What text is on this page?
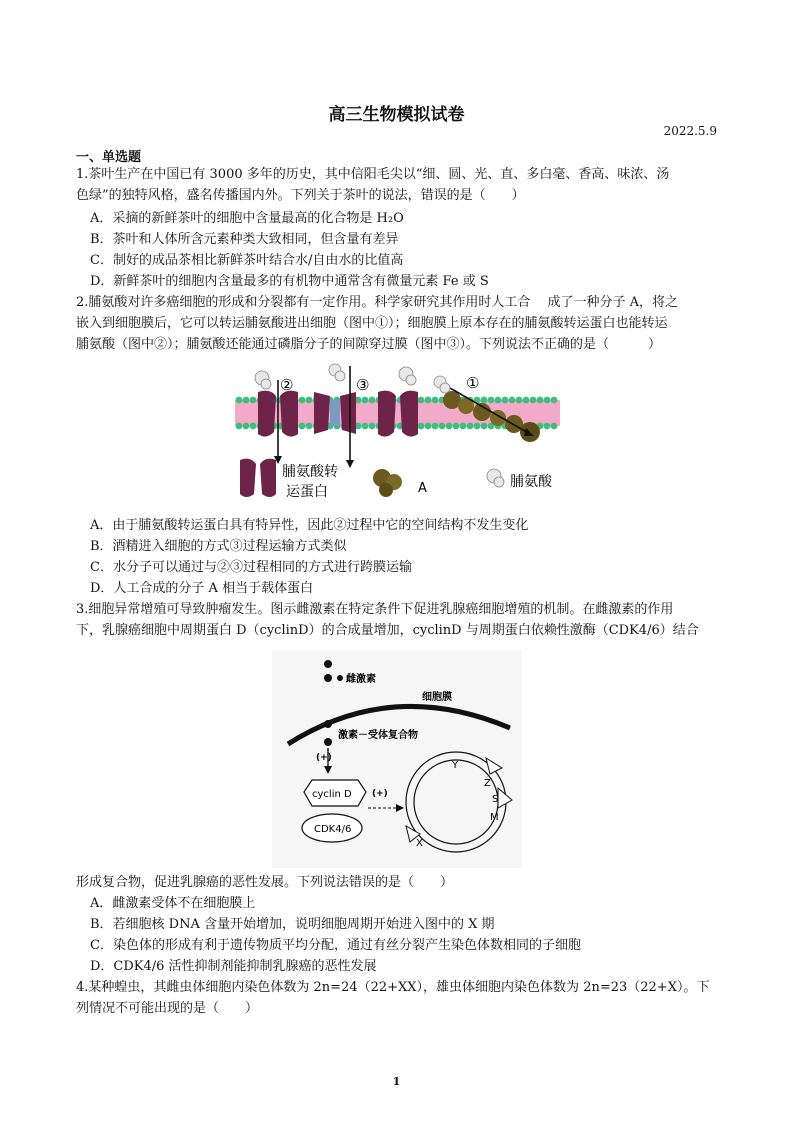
高三生物模拟试卷
2022.5.9
一、单选题
1.茶叶生产在中国已有 3000 多年的历史，其中信阳毛尖以“细、圆、光、直、多白毫、香高、味浓、汤
色绿”的独特风格，盛名传播国内外。下列关于茶叶的说法，错误的是（　　）
A．采摘的新鲜茶叶的细胞中含量最高的化合物是 H₂O
B．茶叶和人体所含元素种类大致相同，但含量有差异
C．制好的成品茶相比新鲜茶叶结合水/自由水的比值高
D．新鲜茶叶的细胞内含量最多的有机物中通常含有微量元素 Fe 或 S
2.脯氨酸对许多癌细胞的形成和分裂都有一定作用。科学家研究其作用时人工合　 成了一种分子 A，将之
嵌入到细胞膜后，它可以转运脯氨酸进出细胞（图中①）；细胞膜上原本存在的脯氨酸转运蛋白也能转运
脯氨酸（图中②）；脯氨酸还能通过磷脂分子的间隙穿过膜（图中③）。下列说法不正确的是（　　　）
②	③	①
脯氨酸转
运蛋白	A	脯氨酸
A．由于脯氨酸转运蛋白具有特异性，因此②过程中它的空间结构不发生变化
B．酒精进入细胞的方式③过程运输方式类似
C．水分子可以通过与②③过程相同的方式进行跨膜运输
D．人工合成的分子 A 相当于载体蛋白
3.细胞异常增殖可导致肿瘤发生。图示雌激素在特定条件下促进乳腺癌细胞增殖的机制。在雌激素的作用
下，乳腺癌细胞中周期蛋白 D（cyclinD）的合成量增加，cyclinD 与周期蛋白依赖性激酶（CDK4/6）结合
雌激素
细胞膜
激素－受体复合物
(+)
cyclin D
CDK4/6
(+)
Y
Z
S
M
X
形成复合物，促进乳腺癌的恶性发展。下列说法错误的是（　　）
A．雌激素受体不在细胞膜上
B．若细胞核 DNA 含量开始增加，说明细胞周期开始进入图中的 X 期
C．染色体的形成有利于遗传物质平均分配，通过有丝分裂产生染色体数相同的子细胞
D．CDK4/6 活性抑制剂能抑制乳腺癌的恶性发展
4.某种蝗虫，其雌虫体细胞内染色体数为 2n=24（22+XX），雄虫体细胞内染色体数为 2n=23（22+X）。下
列情况不可能出现的是（　　）
1
